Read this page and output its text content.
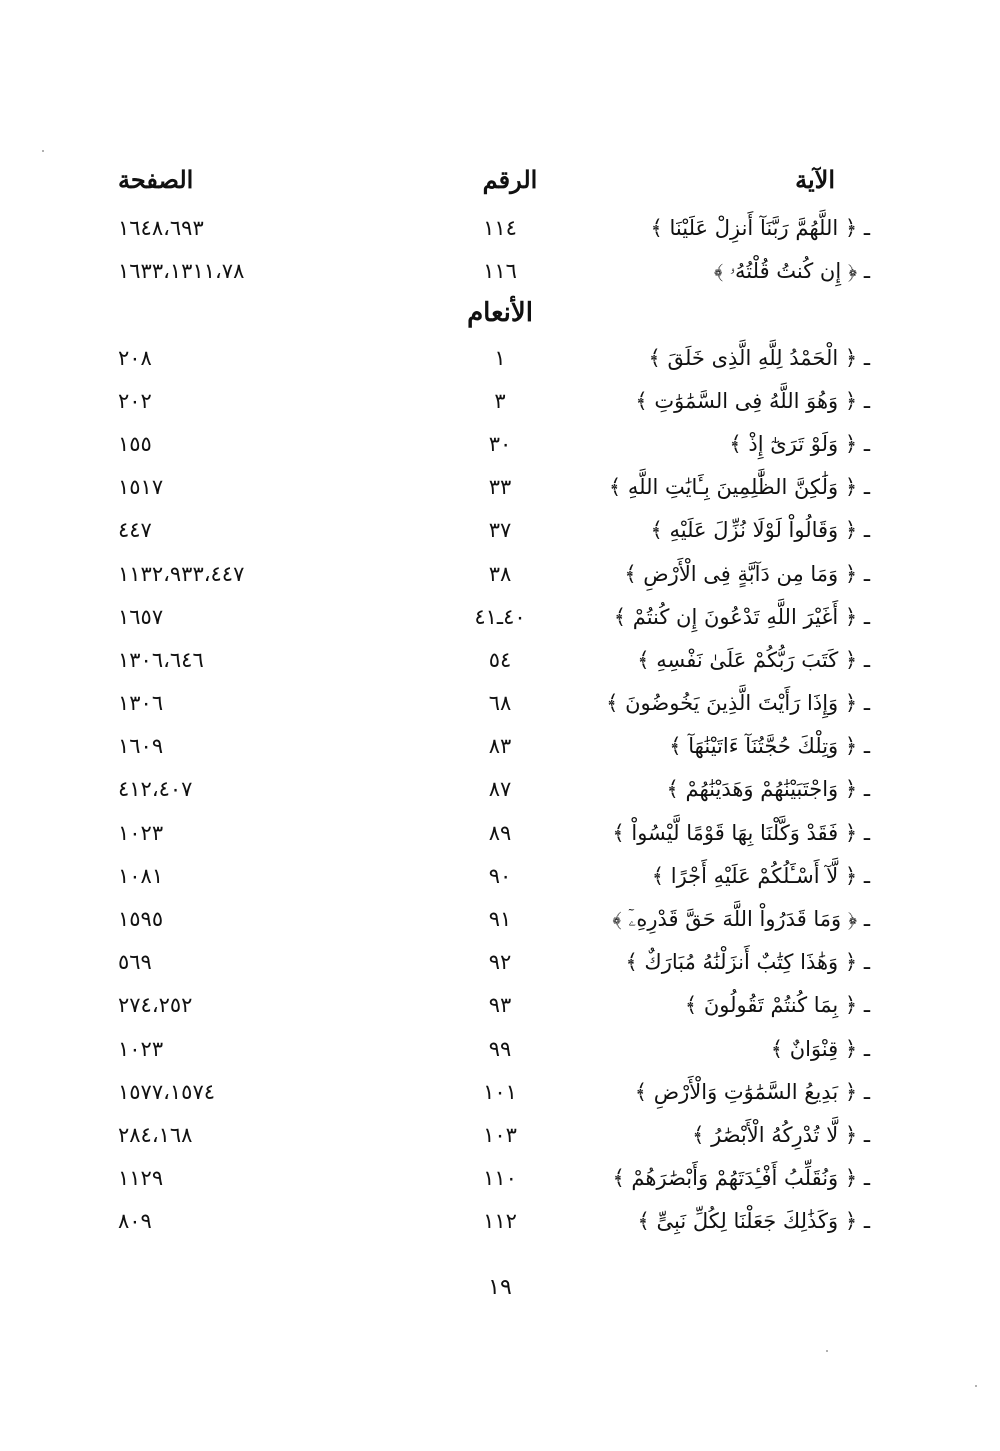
الآية
الرقم
الصفحة
ـ ﴿ اللَّهُمَّ رَبَّنَآ أَنزِلْ عَلَيْنَا ﴾
١١٤
١٦٤٨،٦٩٣
ـ ﴿ إِن كُنتُ قُلْتُهُۥ ﴾
١١٦
١٦٣٣،١٣١١،٧٨
الأنعام
ـ ﴿ الْحَمْدُ لِلَّهِ الَّذِى خَلَقَ ﴾
١
٢٠٨
ـ ﴿ وَهُوَ اللَّهُ فِى السَّمَٰوَٰتِ ﴾
٣
٢٠٢
ـ ﴿ وَلَوْ تَرَىٰٓ إِذْ ﴾
٣٠
١٥٥
ـ ﴿ وَلَٰكِنَّ الظَّٰلِمِينَ بِـَٔايَٰتِ اللَّهِ ﴾
٣٣
١٥١٧
ـ ﴿ وَقَالُواْ لَوْلَا نُزِّلَ عَلَيْهِ ﴾
٣٧
٤٤٧
ـ ﴿ وَمَا مِن دَآبَّةٍ فِى الْأَرْضِ ﴾
٣٨
١١٣٢،٩٣٣،٤٤٧
ـ ﴿ أَغَيْرَ اللَّهِ تَدْعُونَ إِن كُنتُمْ ﴾
٤٠ـ٤١
١٦٥٧
ـ ﴿ كَتَبَ رَبُّكُمْ عَلَىٰ نَفْسِهِ ﴾
٥٤
١٣٠٦،٦٤٦
ـ ﴿ وَإِذَا رَأَيْتَ الَّذِينَ يَخُوضُونَ ﴾
٦٨
١٣٠٦
ـ ﴿ وَتِلْكَ حُجَّتُنَآ ءَاتَيْنَٰهَآ ﴾
٨٣
١٦٠٩
ـ ﴿ وَاجْتَبَيْنَٰهُمْ وَهَدَيْنَٰهُمْ ﴾
٨٧
٤١٢،٤٠٧
ـ ﴿ فَقَدْ وَكَّلْنَا بِهَا قَوْمًا لَّيْسُواْ ﴾
٨٩
١٠٢٣
ـ ﴿ لَّآ أَسْـَٔلُكُمْ عَلَيْهِ أَجْرًا ﴾
٩٠
١٠٨١
ـ ﴿ وَمَا قَدَرُواْ اللَّهَ حَقَّ قَدْرِهِۦٓ ﴾
٩١
١٥٩٥
ـ ﴿ وَهَٰذَا كِتَٰبٌ أَنزَلْنَٰهُ مُبَارَكٌ ﴾
٩٢
٥٦٩
ـ ﴿ بِمَا كُنتُمْ تَقُولُونَ ﴾
٩٣
٢٧٤،٢٥٢
ـ ﴿ قِنْوَانٌ ﴾
٩٩
١٠٢٣
ـ ﴿ بَدِيعُ السَّمَٰوَٰتِ وَالْأَرْضِ ﴾
١٠١
١٥٧٧،١٥٧٤
ـ ﴿ لَّا تُدْرِكُهُ الْأَبْصَٰرُ ﴾
١٠٣
٢٨٤،١٦٨
ـ ﴿ وَنُقَلِّبُ أَفْـِٔدَتَهُمْ وَأَبْصَٰرَهُمْ ﴾
١١٠
١١٢٩
ـ ﴿ وَكَذَٰلِكَ جَعَلْنَا لِكُلِّ نَبِىٍّ ﴾
١١٢
٨٠٩
١٩
